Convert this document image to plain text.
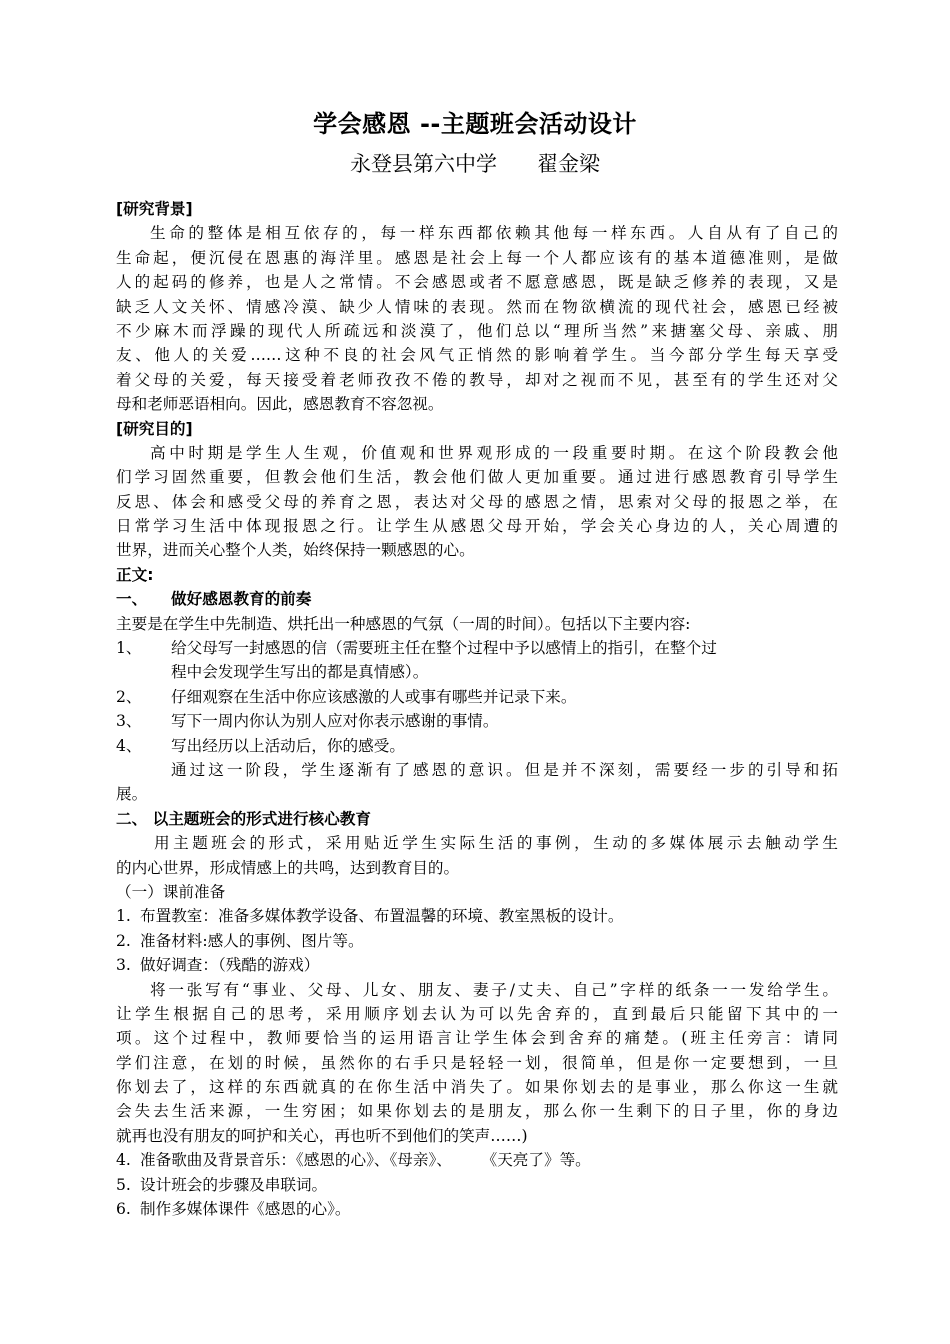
学会感恩 --主题班会活动设计
永登县第六中学      翟金梁
[研究背景]
生命的整体是相互依存的，每一样东西都依赖其他每一样东西。人自从有了自己的
生命起，便沉侵在恩惠的海洋里。感恩是社会上每一个人都应该有的基本道德准则，是做
人的起码的修养，也是人之常情。不会感恩或者不愿意感恩，既是缺乏修养的表现，又是
缺乏人文关怀、情感冷漠、缺少人情味的表现。然而在物欲横流的现代社会，感恩已经被
不少麻木而浮躁的现代人所疏远和淡漠了，他们总以“理所当然”来搪塞父母、亲戚、朋
友、他人的关爱……这种不良的社会风气正悄然的影响着学生。当今部分学生每天享受
着父母的关爱，每天接受着老师孜孜不倦的教导，却对之视而不见，甚至有的学生还对父
母和老师恶语相向。因此，感恩教育不容忽视。
[研究目的]
高中时期是学生人生观，价值观和世界观形成的一段重要时期。在这个阶段教会他
们学习固然重要，但教会他们生活，教会他们做人更加重要。通过进行感恩教育引导学生
反思、体会和感受父母的养育之恩，表达对父母的感恩之情，思索对父母的报恩之举，在
日常学习生活中体现报恩之行。让学生从感恩父母开始，学会关心身边的人，关心周遭的
世界，进而关心整个人类，始终保持一颗感恩的心。
正文:
一、 做好感恩教育的前奏
主要是在学生中先制造、烘托出一种感恩的气氛（一周的时间）。包括以下主要内容:
1、 给父母写一封感恩的信（需要班主任在整个过程中予以感情上的指引，在整个过
程中会发现学生写出的都是真情感）。
2、 仔细观察在生活中你应该感激的人或事有哪些并记录下来。
3、 写下一周内你认为别人应对你表示感谢的事情。
4、 写出经历以上活动后，你的感受。
通过这一阶段，学生逐渐有了感恩的意识。但是并不深刻，需要经一步的引导和拓
展。
二、 以主题班会的形式进行核心教育
用主题班会的形式，采用贴近学生实际生活的事例，生动的多媒体展示去触动学生
的内心世界，形成情感上的共鸣，达到教育目的。
（一）课前准备
1. 布置教室：准备多媒体教学设备、布置温馨的环境、教室黑板的设计。
2. 准备材料:感人的事例、图片等。
3. 做好调查：（残酷的游戏）
将一张写有“事业、父母、儿女、朋友、妻子/丈夫、自己”字样的纸条一一发给学生。
让学生根据自己的思考，采用顺序划去认为可以先舍弃的，直到最后只能留下其中的一
项。这个过程中，教师要恰当的运用语言让学生体会到舍弃的痛楚。(班主任旁言：请同
学们注意，在划的时候，虽然你的右手只是轻轻一划，很简单，但是你一定要想到，一旦
你划去了，这样的东西就真的在你生活中消失了。如果你划去的是事业，那么你这一生就
会失去生活来源，一生穷困；如果你划去的是朋友，那么你一生剩下的日子里，你的身边
就再也没有朋友的呵护和关心，再也听不到他们的笑声……)
4. 准备歌曲及背景音乐：《感恩的心》、《母亲》、      《天亮了》等。
5. 设计班会的步骤及串联词。
6. 制作多媒体课件《感恩的心》。
